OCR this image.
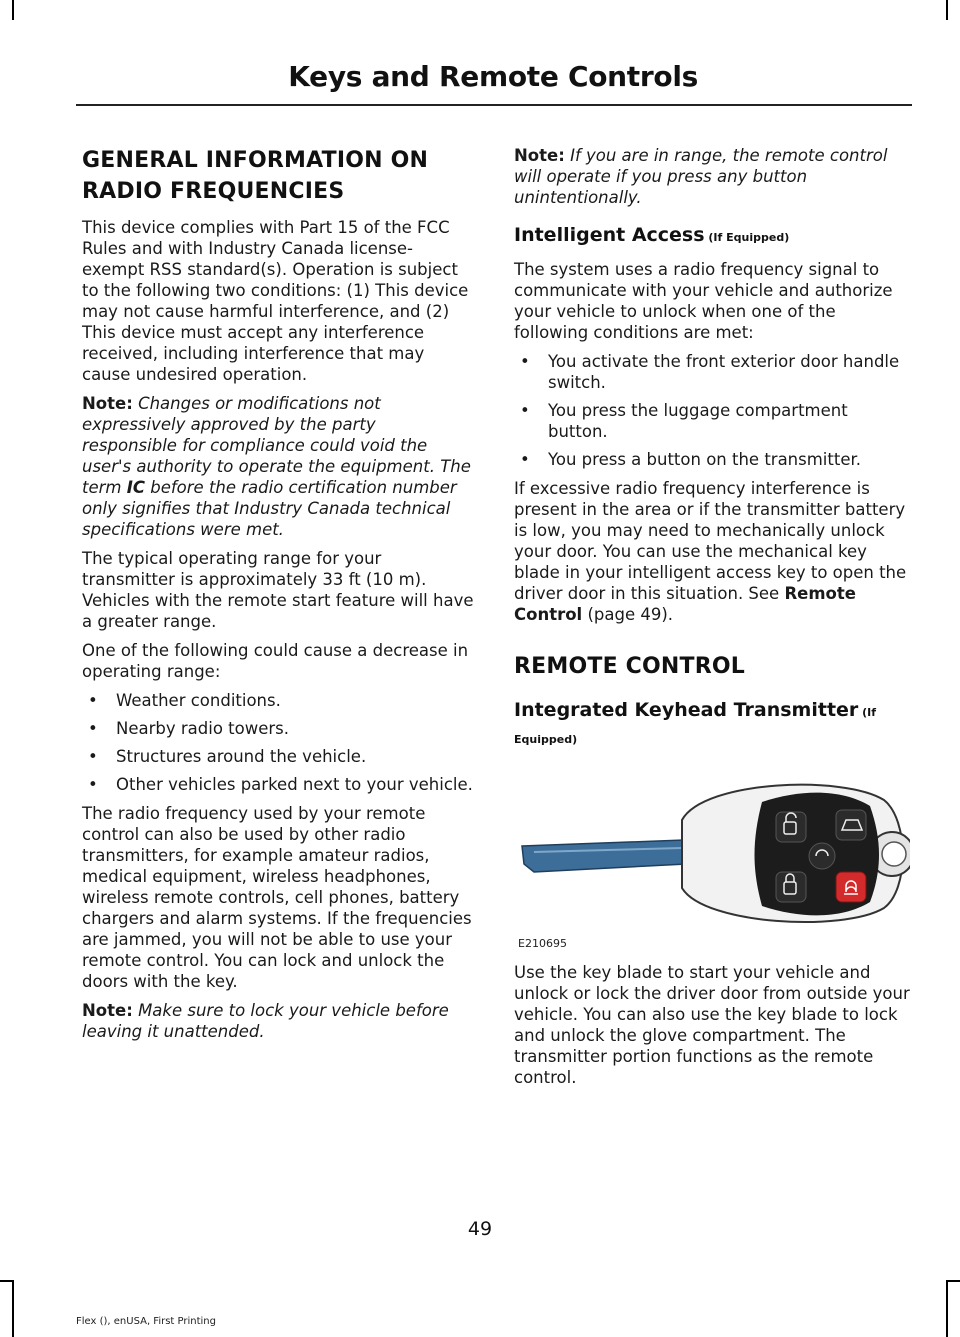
Keys and Remote Controls
GENERAL INFORMATION ON
RADIO FREQUENCIES

This device complies with Part 15 of the FCC Rules and with Industry Canada license-exempt RSS standard(s). Operation is subject to the following two conditions: (1) This device may not cause harmful interference, and (2) This device must accept any interference received, including interference that may cause undesired operation.

Note: Changes or modifications not expressively approved by the party responsible for compliance could void the user's authority to operate the equipment. The term IC before the radio certification number only signifies that Industry Canada technical specifications were met.

The typical operating range for your transmitter is approximately 33 ft (10 m). Vehicles with the remote start feature will have a greater range.

One of the following could cause a decrease in operating range:

• Weather conditions.
• Nearby radio towers.
• Structures around the vehicle.
• Other vehicles parked next to your vehicle.

The radio frequency used by your remote control can also be used by other radio transmitters, for example amateur radios, medical equipment, wireless headphones, wireless remote controls, cell phones, battery chargers and alarm systems. If the frequencies are jammed, you will not be able to use your remote control. You can lock and unlock the doors with the key.

Note: Make sure to lock your vehicle before leaving it unattended.

Note: If you are in range, the remote control will operate if you press any button unintentionally.

Intelligent Access (If Equipped)

The system uses a radio frequency signal to communicate with your vehicle and authorize your vehicle to unlock when one of the following conditions are met:

• You activate the front exterior door handle switch.
• You press the luggage compartment button.
• You press a button on the transmitter.

If excessive radio frequency interference is present in the area or if the transmitter battery is low, you may need to mechanically unlock your door. You can use the mechanical key blade in your intelligent access key to open the driver door in this situation. See Remote Control (page 49).

REMOTE CONTROL
Integrated Keyhead Transmitter (If Equipped)
E210695

Use the key blade to start your vehicle and unlock or lock the driver door from outside your vehicle. You can also use the key blade to lock and unlock the glove compartment. The transmitter portion functions as the remote control.

49
Flex (), enUSA, First Printing
